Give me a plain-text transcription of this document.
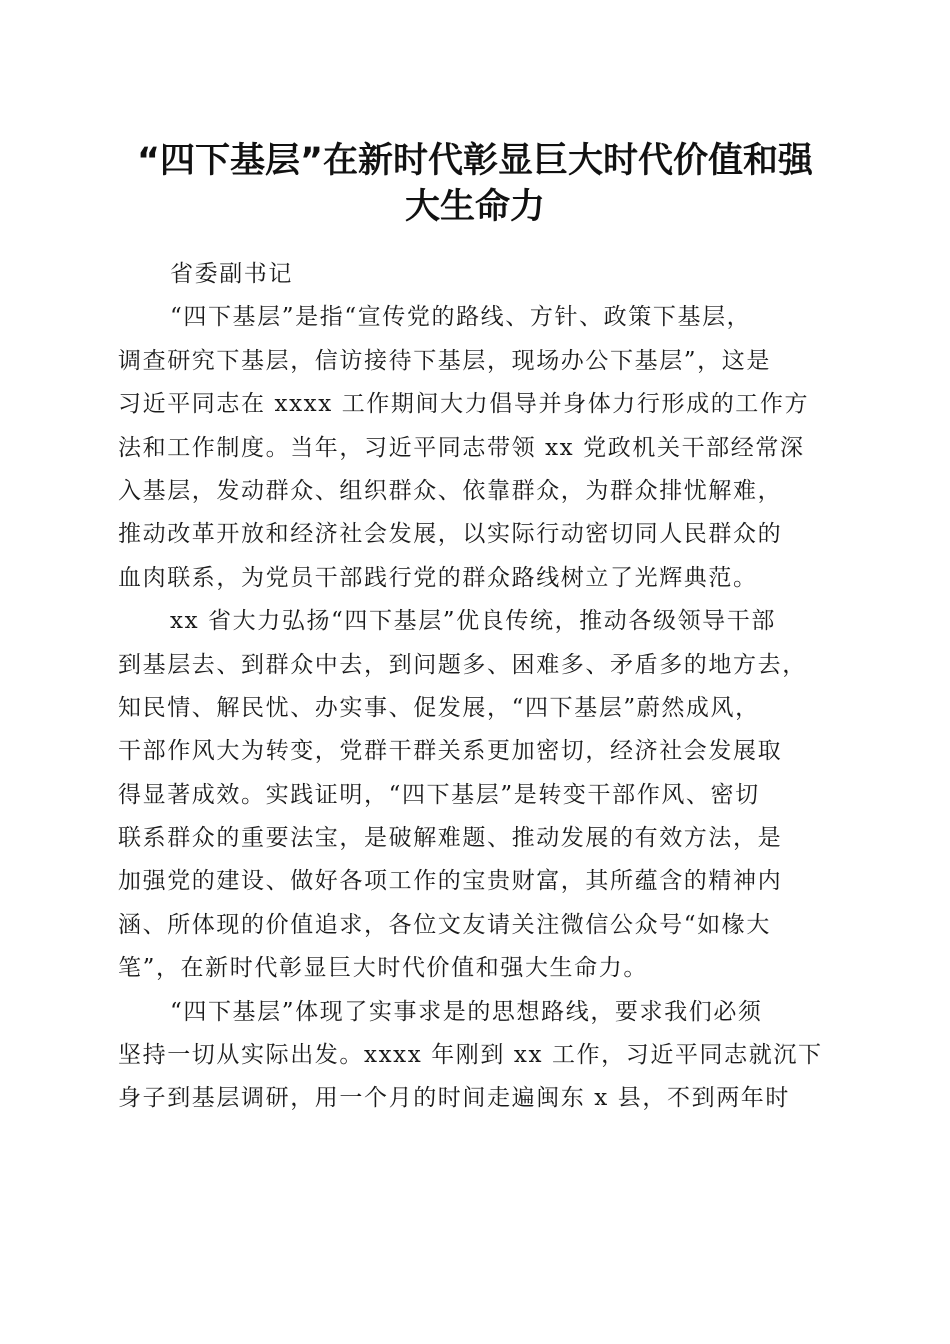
“四下基层”在新时代彰显巨大时代价值和强
大生命力
省委副书记
“四下基层”是指“宣传党的路线、方针、政策下基层，
调查研究下基层，信访接待下基层，现场办公下基层”，这是
习近平同志在 xxxx 工作期间大力倡导并身体力行形成的工作方
法和工作制度。当年，习近平同志带领 xx 党政机关干部经常深
入基层，发动群众、组织群众、依靠群众，为群众排忧解难，
推动改革开放和经济社会发展，以实际行动密切同人民群众的
血肉联系，为党员干部践行党的群众路线树立了光辉典范。
xx 省大力弘扬“四下基层”优良传统，推动各级领导干部
到基层去、到群众中去，到问题多、困难多、矛盾多的地方去，
知民情、解民忧、办实事、促发展，“四下基层”蔚然成风，
干部作风大为转变，党群干群关系更加密切，经济社会发展取
得显著成效。实践证明，“四下基层”是转变干部作风、密切
联系群众的重要法宝，是破解难题、推动发展的有效方法，是
加强党的建设、做好各项工作的宝贵财富，其所蕴含的精神内
涵、所体现的价值追求，各位文友请关注微信公众号“如椽大
笔”，在新时代彰显巨大时代价值和强大生命力。
“四下基层”体现了实事求是的思想路线，要求我们必须
坚持一切从实际出发。xxxx 年刚到 xx 工作，习近平同志就沉下
身子到基层调研，用一个月的时间走遍闽东 x 县，不到两年时
